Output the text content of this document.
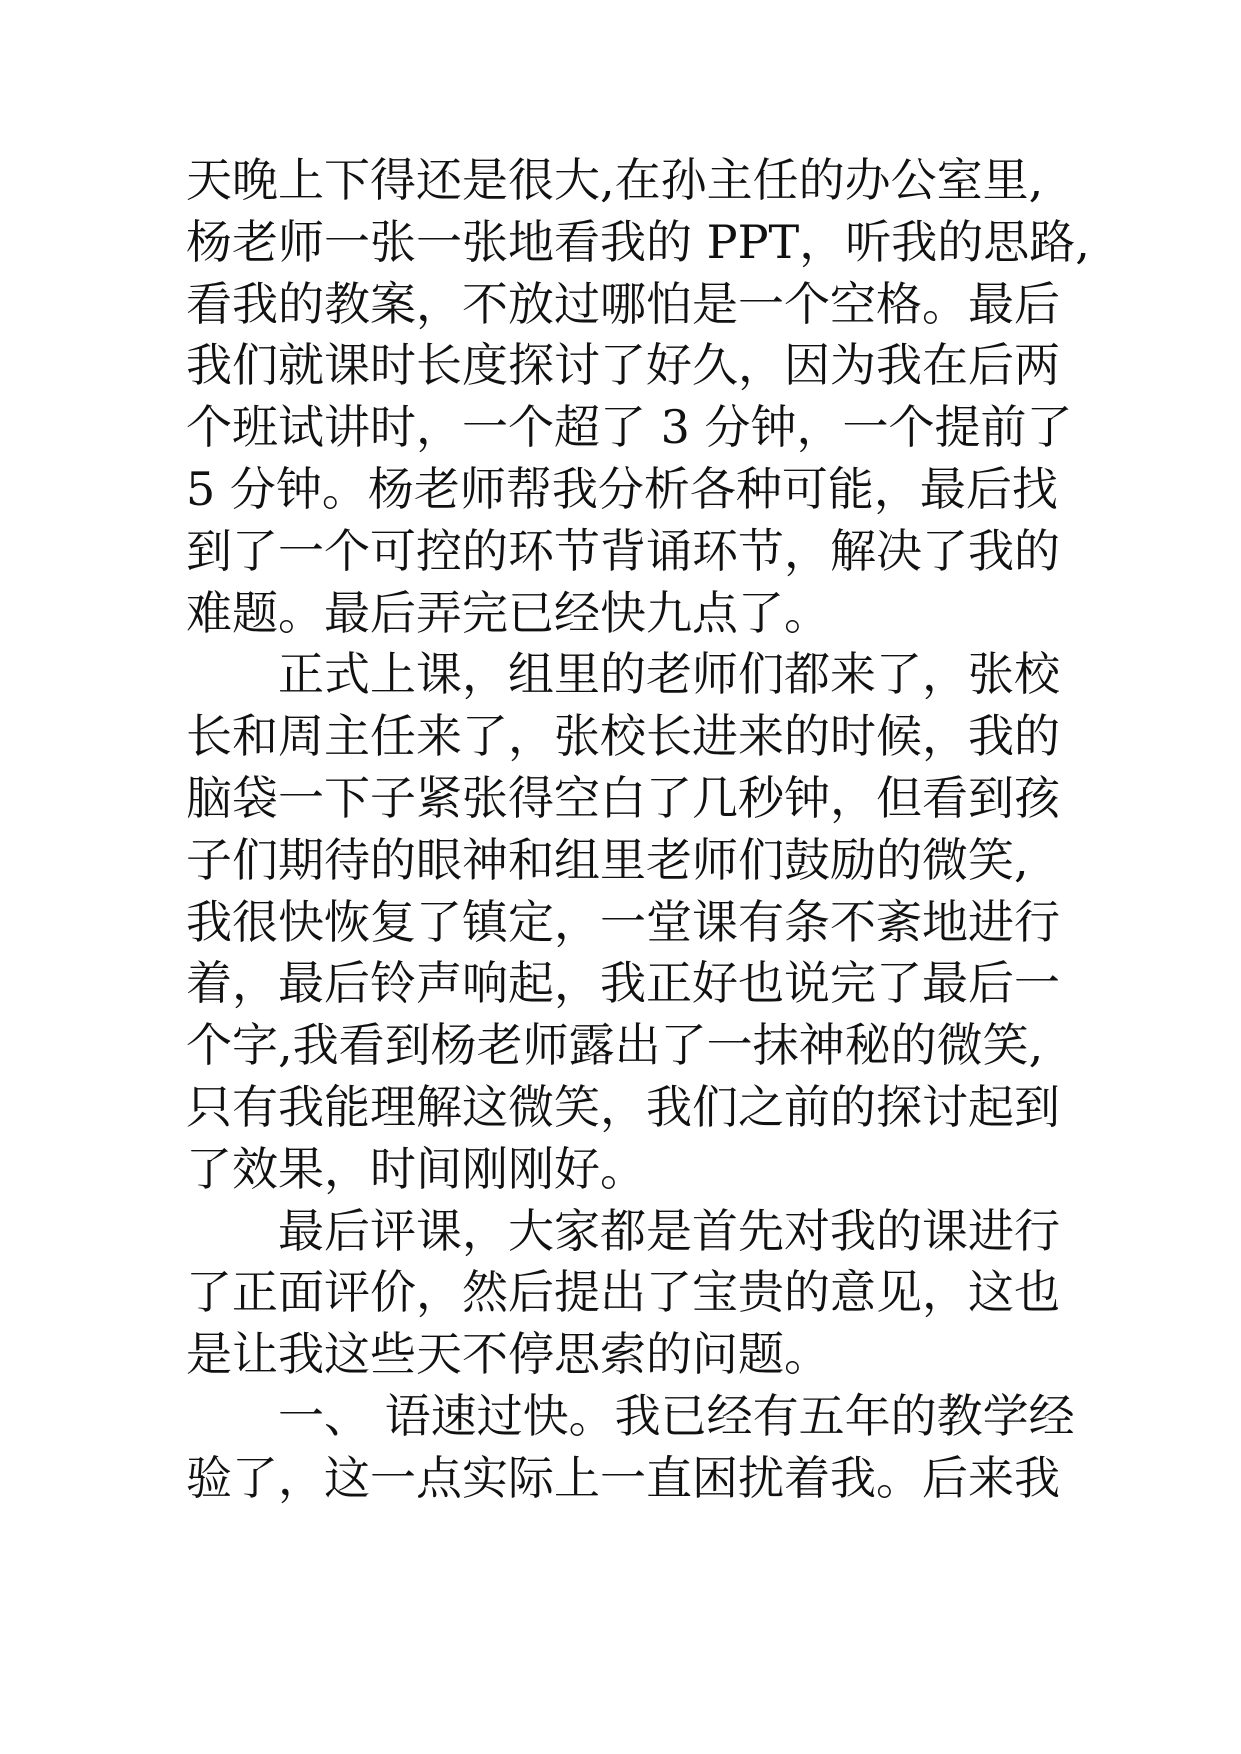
天晚上下得还是很大,在孙主任的办公室里,
杨老师一张一张地看我的 PPT，听我的思路,
看我的教案，不放过哪怕是一个空格。最后
我们就课时长度探讨了好久，因为我在后两
个班试讲时，一个超了 3 分钟，一个提前了
5 分钟。杨老师帮我分析各种可能，最后找
到了一个可控的环节背诵环节，解决了我的
难题。最后弄完已经快九点了。
　　正式上课，组里的老师们都来了，张校
长和周主任来了，张校长进来的时候，我的
脑袋一下子紧张得空白了几秒钟，但看到孩
子们期待的眼神和组里老师们鼓励的微笑,
我很快恢复了镇定，一堂课有条不紊地进行
着，最后铃声响起，我正好也说完了最后一
个字,我看到杨老师露出了一抹神秘的微笑,
只有我能理解这微笑，我们之前的探讨起到
了效果，时间刚刚好。
　　最后评课，大家都是首先对我的课进行
了正面评价，然后提出了宝贵的意见，这也
是让我这些天不停思索的问题。
　　一、 语速过快。我已经有五年的教学经
验了，这一点实际上一直困扰着我。后来我
